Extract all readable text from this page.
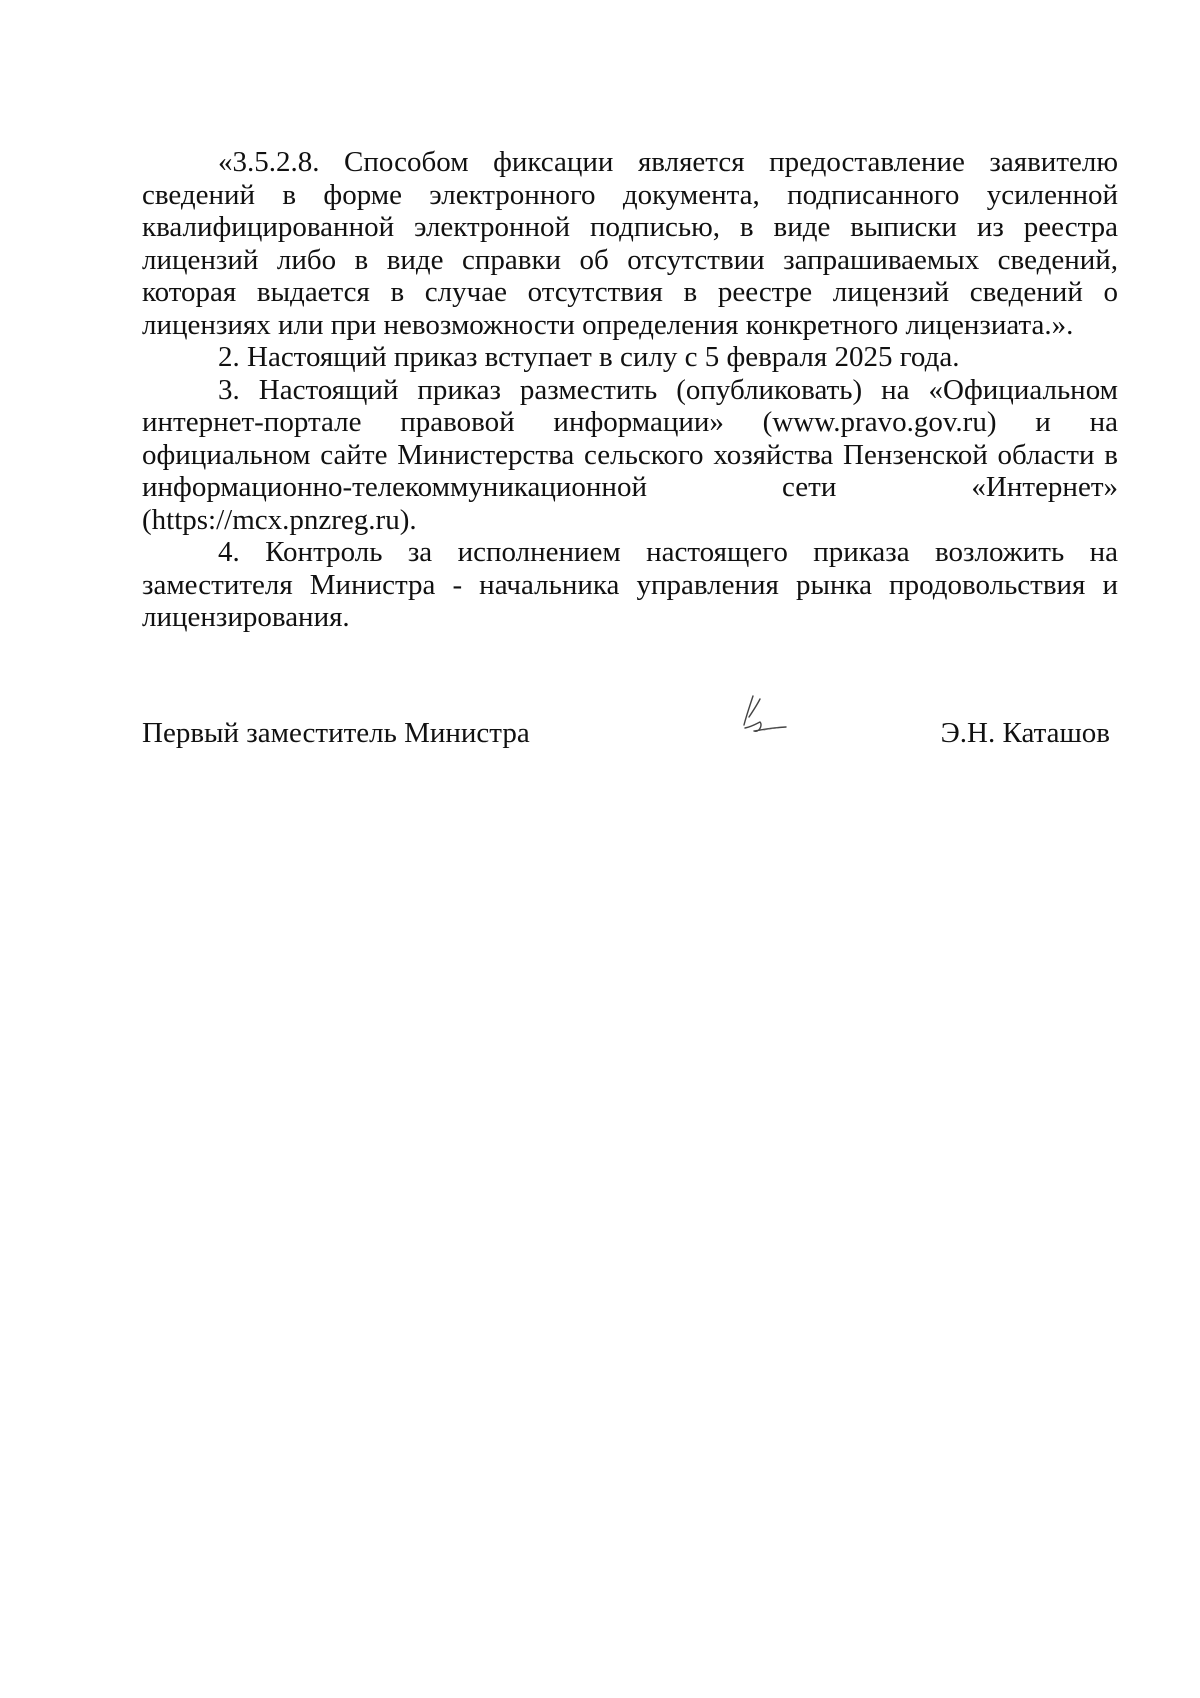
«3.5.2.8. Способом фиксации является предоставление заявителю сведений в форме электронного документа, подписанного усиленной квалифицированной электронной подписью, в виде выписки из реестра лицензий либо в виде справки об отсутствии запрашиваемых сведений, которая выдается в случае отсутствия в реестре лицензий сведений о лицензиях или при невозможности определения конкретного лицензиата.».

2. Настоящий приказ вступает в силу с 5 февраля 2025 года.

3. Настоящий приказ разместить (опубликовать) на «Официальном интернет-портале правовой информации» (www.pravo.gov.ru) и на официальном сайте Министерства сельского хозяйства Пензенской области в информационно-телекоммуникационной сети «Интернет» (https://mcx.pnzreg.ru).

4. Контроль за исполнением настоящего приказа возложить на заместителя Министра - начальника управления рынка продовольствия и лицензирования.

Первый заместитель Министра	Э.Н. Каташов
